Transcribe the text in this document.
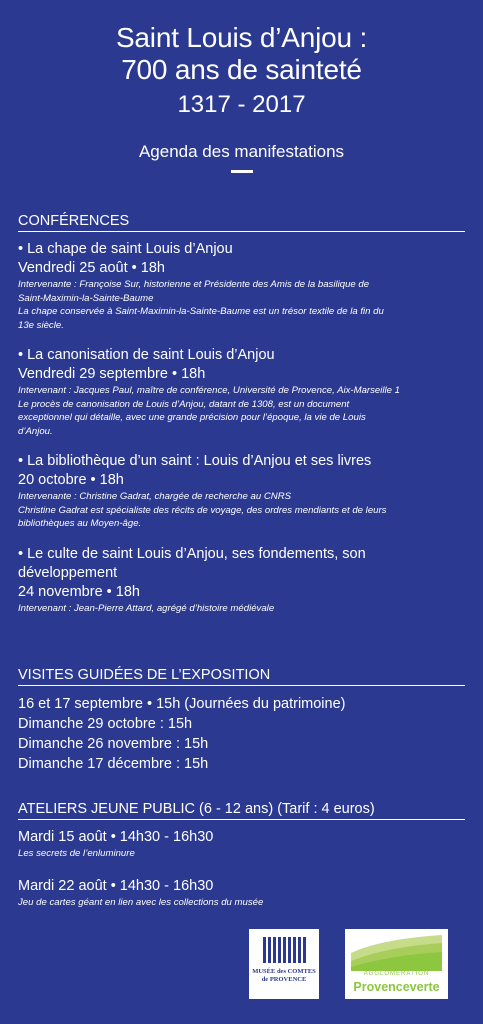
Saint Louis d’Anjou :
700 ans de sainteté
1317 - 2017
Agenda des manifestations
CONFÉRENCES
• La chape de saint Louis d’Anjou
Vendredi 25 août • 18h
Intervenante : Françoise Sur, historienne et Présidente des Amis de la basilique de
Saint-Maximin-la-Sainte-Baume
La chape conservée à Saint-Maximin-la-Sainte-Baume est un trésor textile de la fin du
13e siècle.
• La canonisation de saint Louis d’Anjou
Vendredi 29 septembre • 18h
Intervenant : Jacques Paul, maître de conférence, Université de Provence, Aix-Marseille 1
Le procès de canonisation de Louis d’Anjou, datant de 1308, est un document
exceptionnel qui détaille, avec une grande précision pour l’époque, la vie de Louis
d’Anjou.
• La bibliothèque d’un saint : Louis d’Anjou et ses livres
20 octobre • 18h
Intervenante : Christine Gadrat, chargée de recherche au CNRS
Christine Gadrat est spécialiste des récits de voyage, des ordres mendiants et de leurs
bibliothèques au Moyen-âge.
• Le culte de saint Louis d’Anjou, ses fondements, son
développement
24 novembre • 18h
Intervenant : Jean-Pierre Attard, agrégé d’histoire médiévale
VISITES GUIDÉES DE L’EXPOSITION
16 et 17 septembre • 15h (Journées du patrimoine)
Dimanche 29 octobre : 15h
Dimanche 26 novembre : 15h
Dimanche 17 décembre : 15h
ATELIERS JEUNE PUBLIC (6 - 12 ans) (Tarif : 4 euros)
Mardi 15 août • 14h30 - 16h30
Les secrets de l’enluminure
Mardi 22 août • 14h30 - 16h30
Jeu de cartes géant en lien avec les collections du musée
MUSÉE des COMTES
de PROVENCE
AGGLOMÉRATION
Provenceverte
